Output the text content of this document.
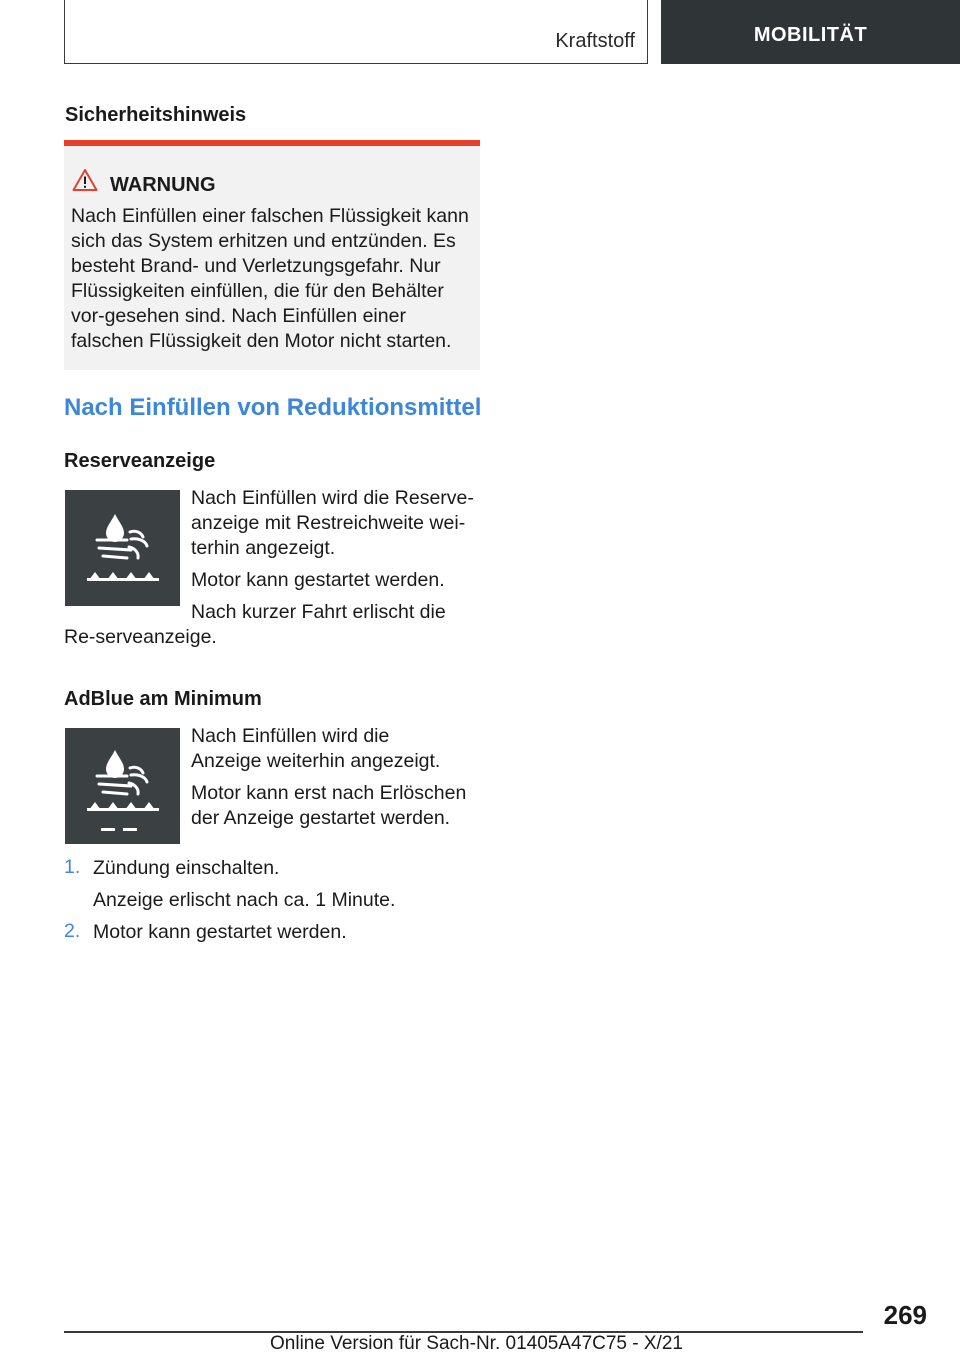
Kraftstoff	MOBILITÄT
Sicherheitshinweis
WARNUNG

Nach Einfüllen einer falschen Flüssigkeit kann sich das System erhitzen und entzünden. Es besteht Brand- und Verletzungsgefahr. Nur Flüssigkeiten einfüllen, die für den Behälter vor-gesehen sind. Nach Einfüllen einer falschen Flüssigkeit den Motor nicht starten.

Nach Einfüllen von Reduktionsmittel
Reserveanzeige

Nach Einfüllen wird die Reserve-anzeige mit Restreichweite wei-terhin angezeigt.

Motor kann gestartet werden.

Nach kurzer Fahrt erlischt die Re-serveanzeige.

AdBlue am Minimum

Nach Einfüllen wird die Anzeige weiterhin angezeigt.

Motor kann erst nach Erlöschen der Anzeige gestartet werden.

1. Zündung einschalten.

Anzeige erlischt nach ca. 1 Minute.

2. Motor kann gestartet werden.

269
Online Version für Sach-Nr. 01405A47C75 - X/21
